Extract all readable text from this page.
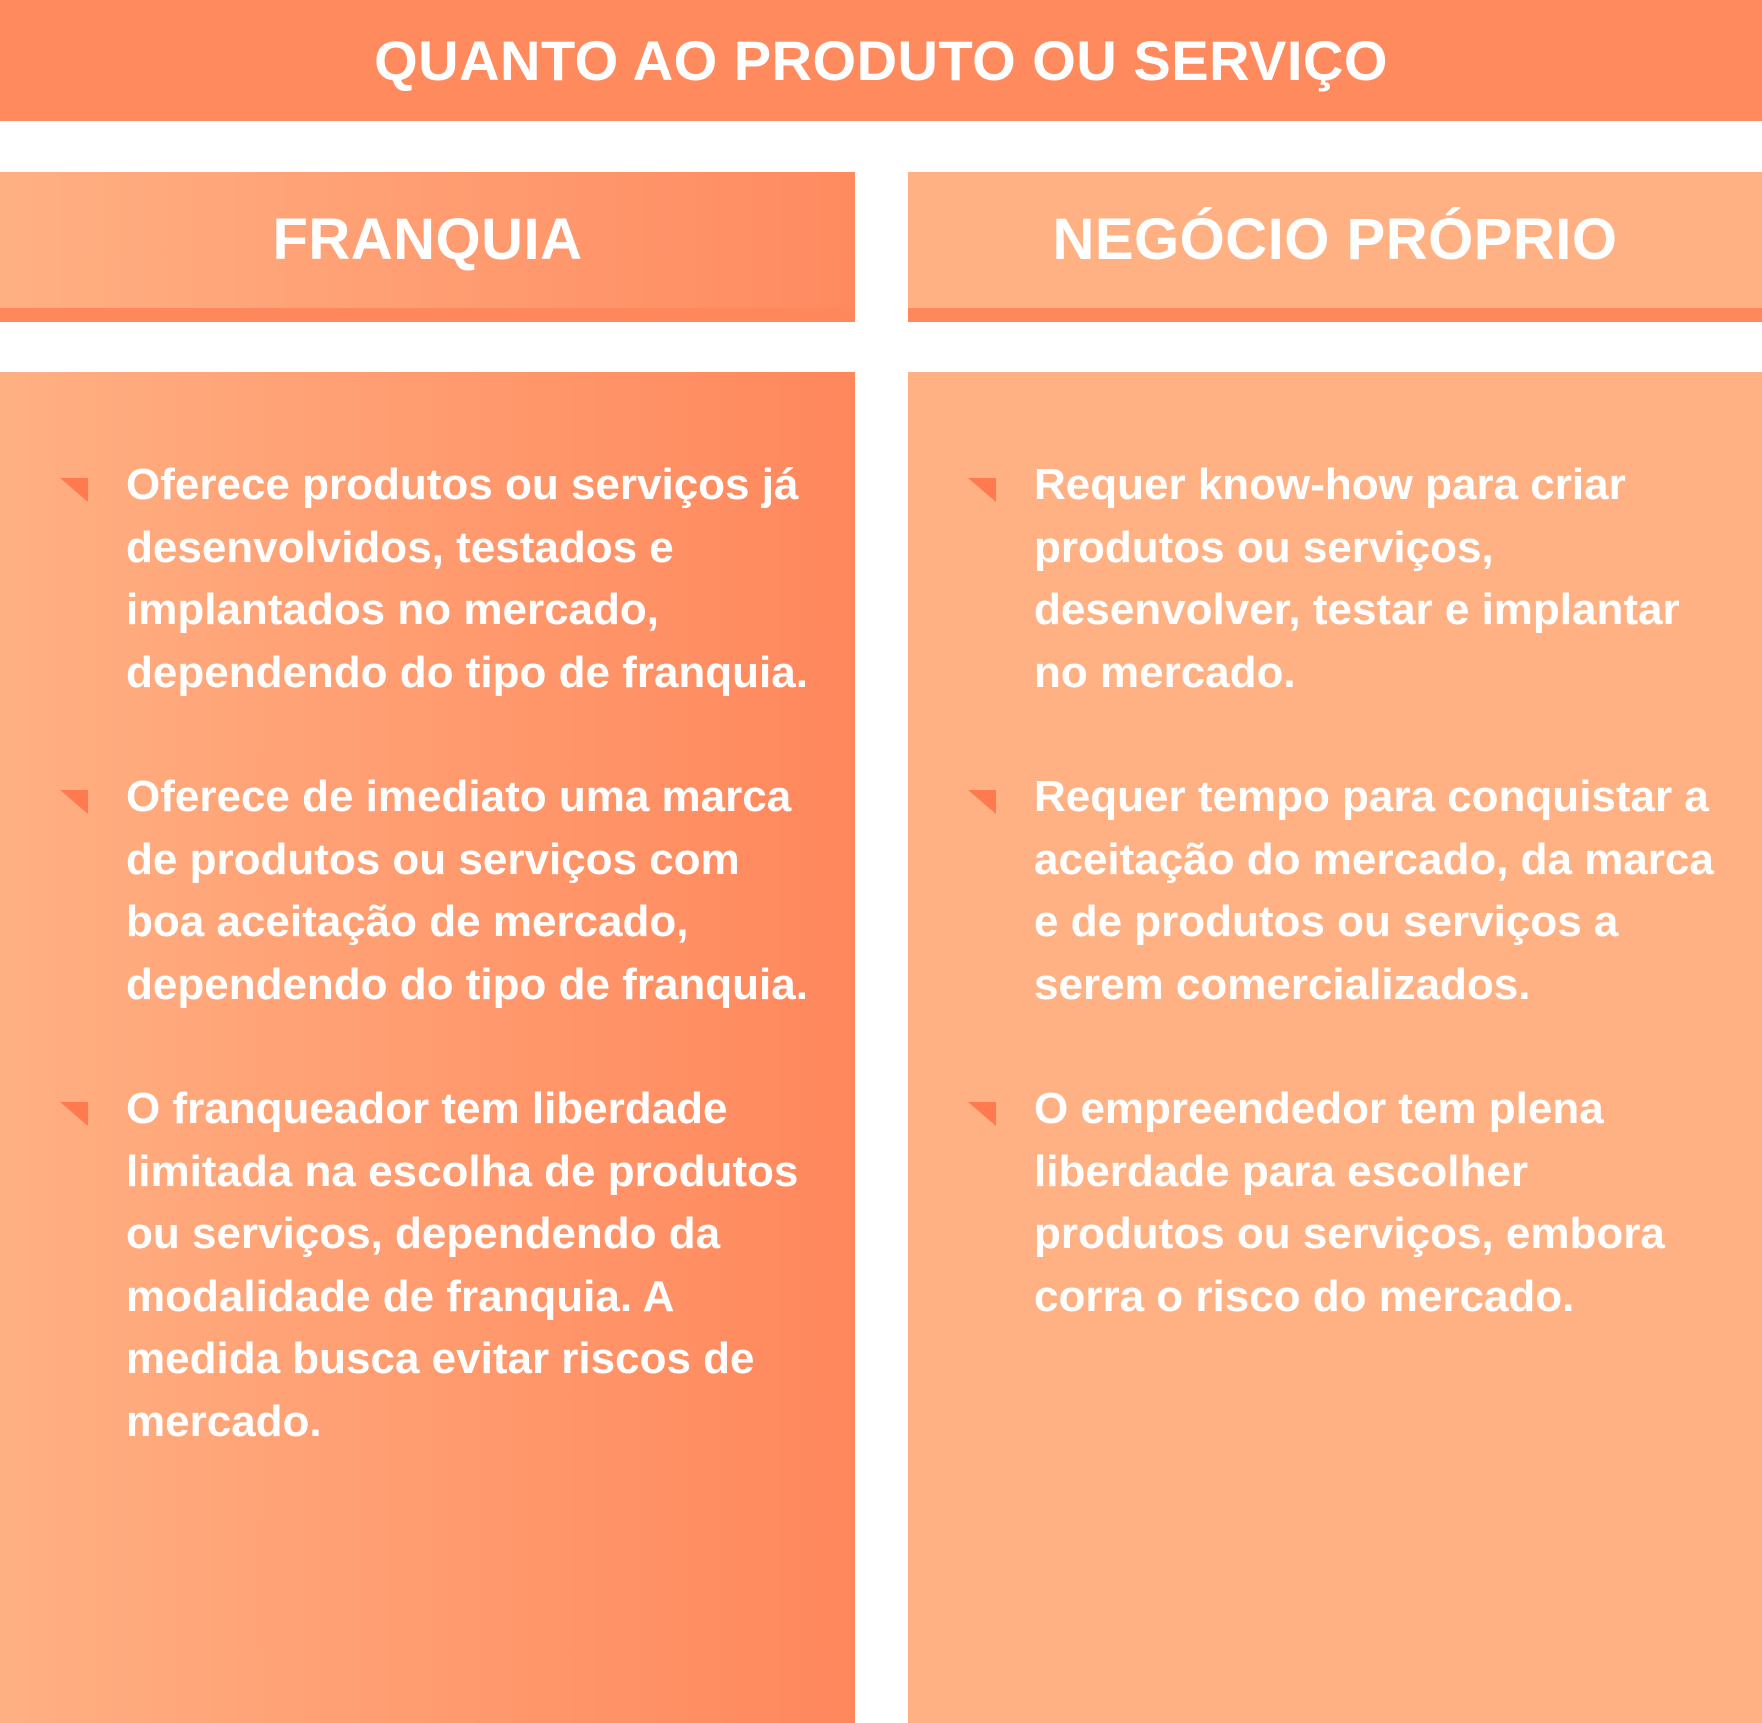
QUANTO AO PRODUTO OU SERVIÇO
FRANQUIA	NEGÓCIO PRÓPRIO
Oferece produtos ou serviços já desenvolvidos, testados e implantados no mercado, dependendo do tipo de franquia.
Oferece de imediato uma marca de produtos ou serviços com boa aceitação de mercado, dependendo do tipo de franquia.
O franqueador tem liberdade limitada na escolha de produtos ou serviços, dependendo da modalidade de franquia. A medida busca evitar riscos de mercado.
Requer know-how para criar produtos ou serviços, desenvolver, testar e implantar no mercado.
Requer tempo para conquistar a aceitação do mercado, da marca e de produtos ou serviços a serem comercializados.
O empreendedor tem plena liberdade para escolher produtos ou serviços, embora corra o risco do mercado.
